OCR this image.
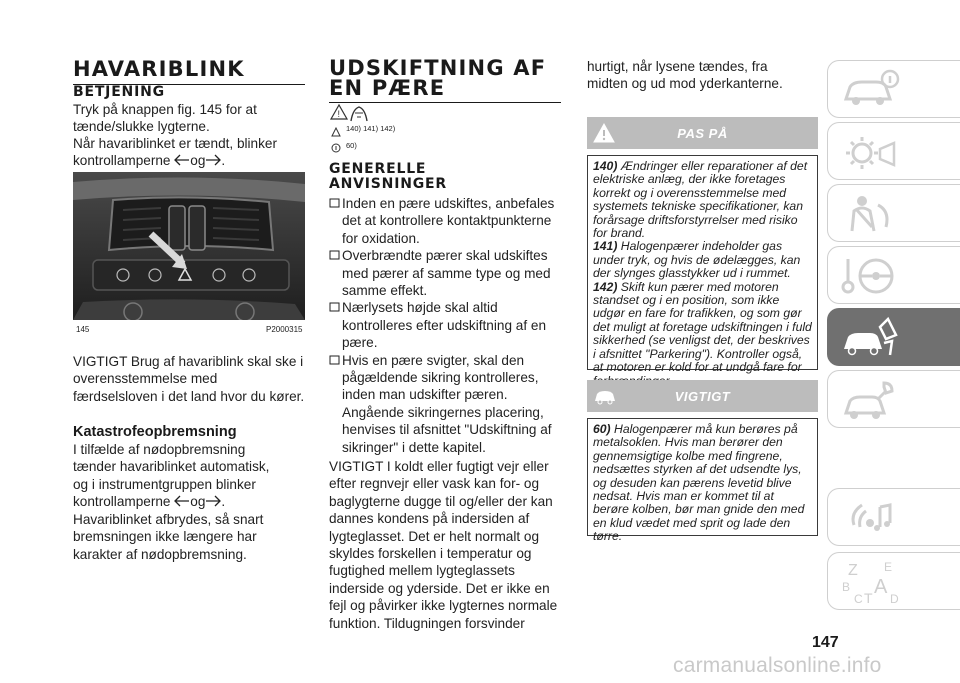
HAVARIBLINK
BETJENING
Tryk på knappen fig. 145 for at tænde/slukke lygterne.
Når havariblinket er tændt, blinker kontrollamperne og .
145	P2000315
VIGTIGT Brug af havariblink skal ske i overensstemmelse med færdselsloven i det land hvor du kører.
Katastrofeopbremsning
I tilfælde af nødopbremsning tænder havariblinket automatisk, og i instrumentgruppen blinker kontrollamperne og .
Havariblinket afbrydes, så snart bremsningen ikke længere har karakter af nødopbremsning.
UDSKIFTNING AF EN PÆRE
!
140) 141) 142)
60)
GENERELLE ANVISNINGER
Inden en pære udskiftes, anbefales det at kontrollere kontaktpunkterne for oxidation.
Overbrændte pærer skal udskiftes med pærer af samme type og med samme effekt.
Nærlysets højde skal altid kontrolleres efter udskiftning af en pære.
Hvis en pære svigter, skal den pågældende sikring kontrolleres, inden man udskifter pæren. Angående sikringernes placering, henvises til afsnittet "Udskiftning af sikringer" i dette kapitel.
VIGTIGT I koldt eller fugtigt vejr eller efter regnvejr eller vask kan for- og baglygterne dugge til og/eller der kan dannes kondens på indersiden af lygteglasset. Det er helt normalt og skyldes forskellen i temperatur og fugtighed mellem lygteglassets inderside og yderside. Det er ikke en fejl og påvirker ikke lygternes normale funktion. Tildugningen forsvinder
hurtigt, når lysene tændes, fra midten og ud mod yderkanterne.
PAS PÅ

140) Ændringer eller reparationer af det elektriske anlæg, der ikke foretages korrekt og i overensstemmelse med systemets tekniske specifikationer, kan forårsage driftsforstyrrelser med risiko for brand.

141) Halogenpærer indeholder gas under tryk, og hvis de ødelægges, kan der slynges glasstykker ud i rummet.

142) Skift kun pærer med motoren standset og i en position, som ikke udgør en fare for trafikken, og som gør det muligt at foretage udskiftningen i fuld sikkerhed (se venligst det, der beskrives i afsnittet "Parkering"). Kontroller også, at motoren er kold for at undgå fare for

VIGTIGT

60) Halogenpærer må kun berøres på metalsoklen. Hvis man berører den gennemsigtige kolbe med fingrene, nedsættes styrken af det udsendte lys, og desuden kan pærens levetid blive nedsat. Hvis man er kommet til at berøre kolben, bør man gnide den med en klud vædet med sprit og lade den tørre.

Z E
B A
C D
T
147
carmanualsonline.info
